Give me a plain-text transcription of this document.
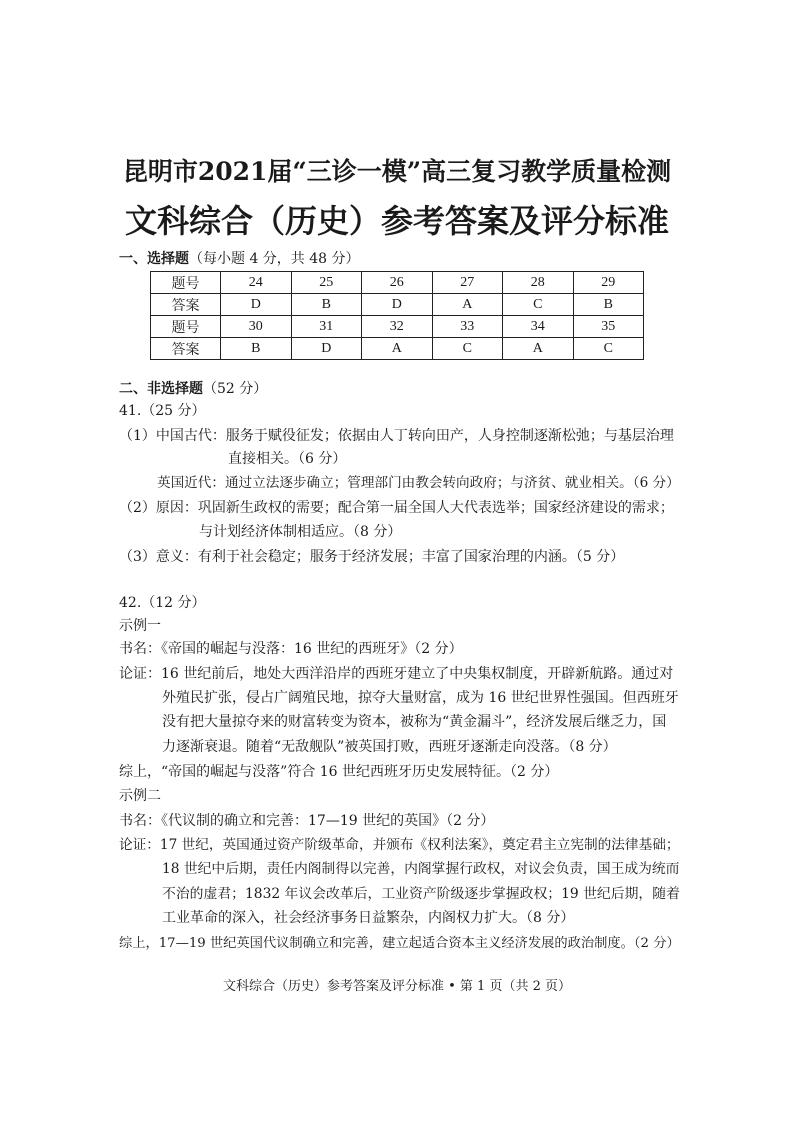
昆明市2021届“三诊一模”高三复习教学质量检测
文科综合（历史）参考答案及评分标准
一、选择题（每小题 4 分，共 48 分）
题号	24	25	26	27	28	29
答案	D	B	D	A	C	B
题号	30	31	32	33	34	35
答案	B	D	A	C	A	C
二、非选择题（52 分）
41.（25 分）
（1）中国古代：服务于赋役征发；依据由人丁转向田产，人身控制逐渐松弛；与基层治理
直接相关。（6 分）
英国近代：通过立法逐步确立；管理部门由教会转向政府；与济贫、就业相关。（6 分）
（2）原因：巩固新生政权的需要；配合第一届全国人大代表选举；国家经济建设的需求；
与计划经济体制相适应。（8 分）
（3）意义：有利于社会稳定；服务于经济发展；丰富了国家治理的内涵。（5 分）
42.（12 分）
示例一
书名：《帝国的崛起与没落：16 世纪的西班牙》（2 分）
论证：16 世纪前后，地处大西洋沿岸的西班牙建立了中央集权制度，开辟新航路。通过对
外殖民扩张，侵占广阔殖民地，掠夺大量财富，成为 16 世纪世界性强国。但西班牙
没有把大量掠夺来的财富转变为资本，被称为“黄金漏斗”，经济发展后继乏力，国
力逐渐衰退。随着“无敌舰队”被英国打败，西班牙逐渐走向没落。（8 分）
综上，“帝国的崛起与没落”符合 16 世纪西班牙历史发展特征。（2 分）
示例二
书名：《代议制的确立和完善：17—19 世纪的英国》（2 分）
论证：17 世纪，英国通过资产阶级革命，并颁布《权利法案》，奠定君主立宪制的法律基础；
18 世纪中后期，责任内阁制得以完善，内阁掌握行政权，对议会负责，国王成为统而
不治的虚君；1832 年议会改革后，工业资产阶级逐步掌握政权；19 世纪后期，随着
工业革命的深入，社会经济事务日益繁杂，内阁权力扩大。（8 分）
综上，17—19 世纪英国代议制确立和完善，建立起适合资本主义经济发展的政治制度。（2 分）
文科综合（历史）参考答案及评分标准 • 第 1 页（共 2 页）
